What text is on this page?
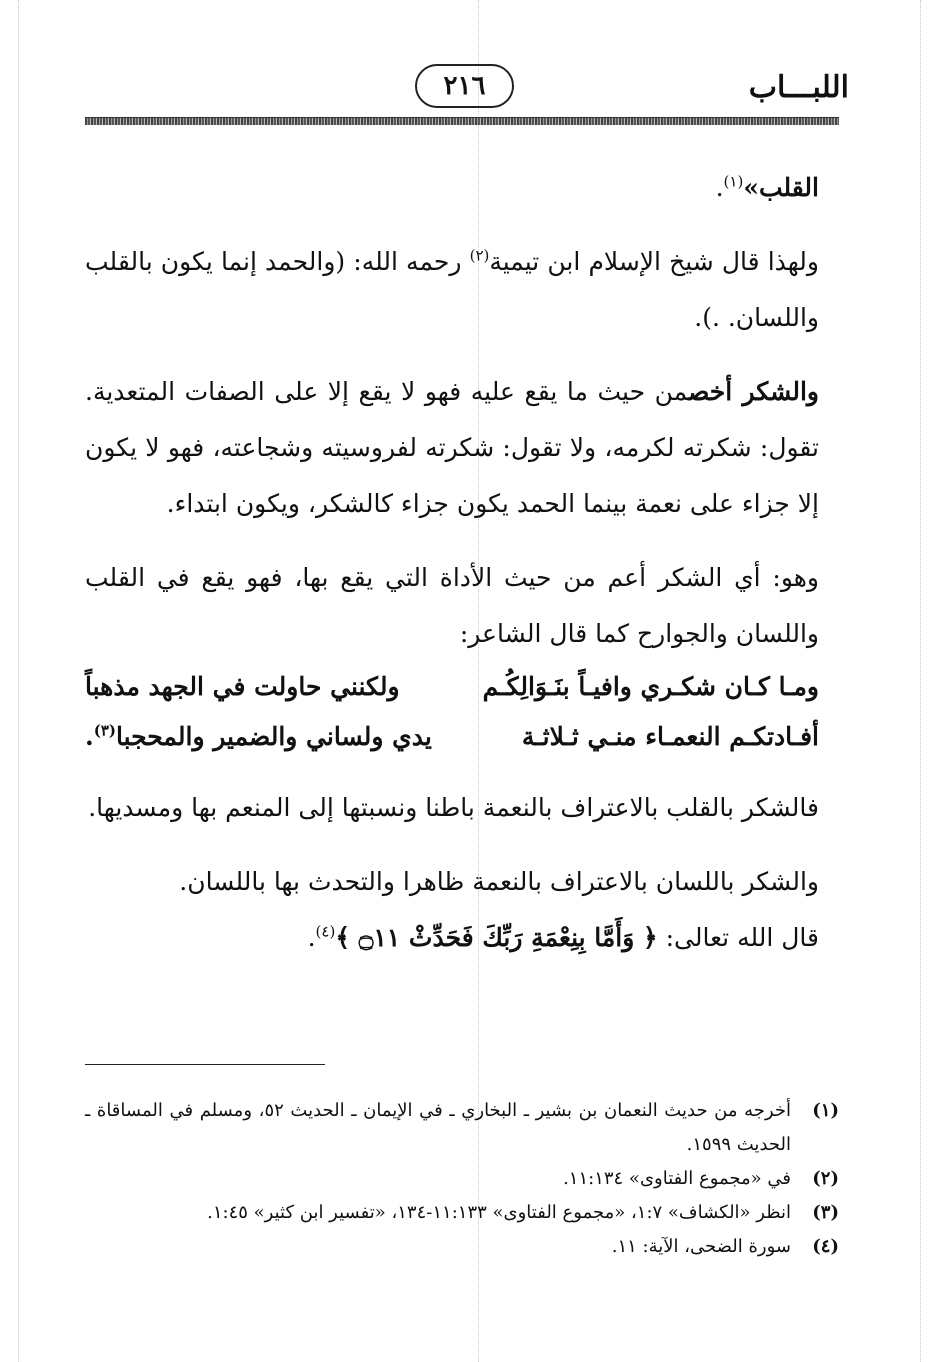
اللبـــاب
٢١٦

القلب»$^{(١)}$.

ولهذا قال شيخ الإسلام ابن تيمية$^{(٢)}$ رحمه الله: (والحمد إنما يكون بالقلب واللسان. .).

والشكر أخصمن حيث ما يقع عليه فهو لا يقع إلا على الصفات المتعدية. تقول: شكرته لكرمه، ولا تقول: شكرته لفروسيته وشجاعته، فهو لا يكون إلا جزاء على نعمة بينما الحمد يكون جزاء كالشكر، ويكون ابتداء.

وهو: أي الشكر أعم من حيث الأداة التي يقع بها، فهو يقع في القلب واللسان والجوارح كما قال الشاعر:

ومـا كـان شكـري وافيـاً بنَـوَالِكُـم
ولكنني حاولت في الجهد مذهباً
أفـادتكـم النعمـاء منـي ثـلاثـة
يدي ولساني والضمير والمحجبا$^{(٣)}$.

فالشكر بالقلب بالاعتراف بالنعمة باطنا ونسبتها إلى المنعم بها ومسديها.

والشكر باللسان بالاعتراف بالنعمة ظاهرا والتحدث بها باللسان.

قال الله تعالى: ﴿ وَأَمَّا بِنِعْمَةِ رَبِّكَ فَحَدِّثْ ۝١١ ﴾$^{(٤)}$.

(١)
أخرجه من حديث النعمان بن بشير ـ البخاري ـ في الإيمان ـ الحديث ٥٢، ومسلم في المساقاة ـ الحديث ١٥٩٩.
(٢)
في «مجموع الفتاوى» ١١:١٣٤.
(٣)
انظر «الكشاف» ١:٧، «مجموع الفتاوى» ١١:١٣٣-١٣٤، «تفسير ابن كثير» ١:٤٥.
(٤)
سورة الضحى، الآية: ١١.
